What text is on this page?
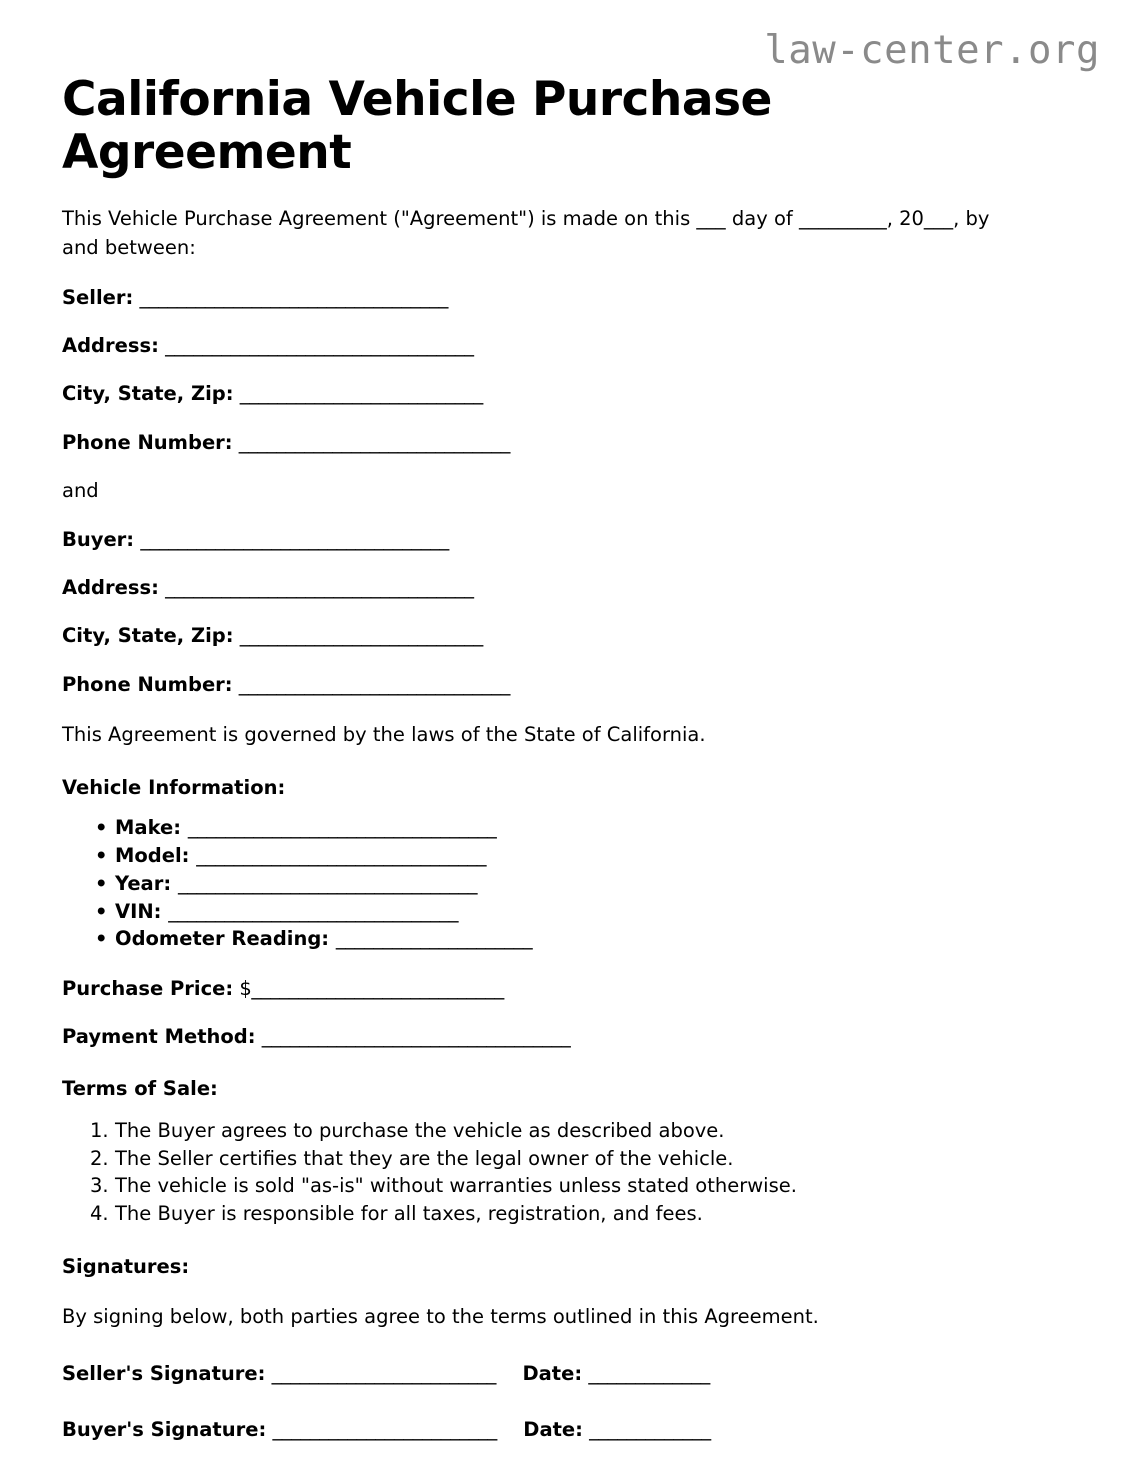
law-center.org
California Vehicle Purchase Agreement

This Vehicle Purchase Agreement ("Agreement") is made on this ___ day of _________, 20___, by and between:

Seller: _________________________________
Address: _________________________________
City, State, Zip: __________________________
Phone Number: _____________________________
and
Buyer: _________________________________
Address: _________________________________
City, State, Zip: __________________________
Phone Number: _____________________________

This Agreement is governed by the laws of the State of California.

Vehicle Information:
• Make: _________________________________
• Model: _______________________________
• Year: ________________________________
• VIN: _______________________________
• Odometer Reading: _____________________
Purchase Price: $___________________________
Payment Method: _________________________________
Terms of Sale:
The Buyer agrees to purchase the vehicle as described above.
The Seller certifies that they are the legal owner of the vehicle.
The vehicle is sold "as-is" without warranties unless stated otherwise.
The Buyer is responsible for all taxes, registration, and fees.
Signatures:

By signing below, both parties agree to the terms outlined in this Agreement.

Seller's Signature: ________________________ Date: _____________
Buyer's Signature: ________________________ Date: _____________
